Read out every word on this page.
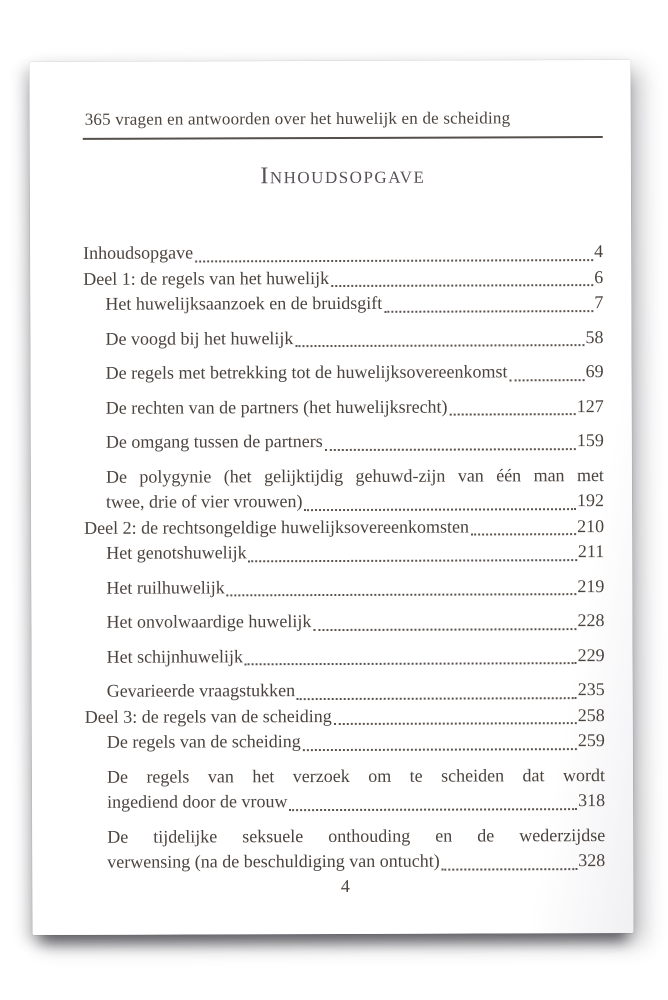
365 vragen en antwoorden over het huwelijk en de scheiding
Inhoudsopgave
Inhoudsopgave	4
Deel 1: de regels van het huwelijk	6
Het huwelijksaanzoek en de bruidsgift	7
De voogd bij het huwelijk	58
De regels met betrekking tot de huwelijksovereenkomst	69
De rechten van de partners (het huwelijksrecht)	127
De omgang tussen de partners	159
De polygynie (het gelijktijdig gehuwd-zijn van één man met
twee, drie of vier vrouwen)	192
Deel 2: de rechtsongeldige huwelijksovereenkomsten	210
Het genotshuwelijk	211
Het ruilhuwelijk	219
Het onvolwaardige huwelijk	228
Het schijnhuwelijk	229
Gevarieerde vraagstukken	235
Deel 3: de regels van de scheiding	258
De regels van de scheiding	259
De regels van het verzoek om te scheiden dat wordt
ingediend door de vrouw	318
De tijdelijke seksuele onthouding en de wederzijdse
verwensing (na de beschuldiging van ontucht)	328
4
